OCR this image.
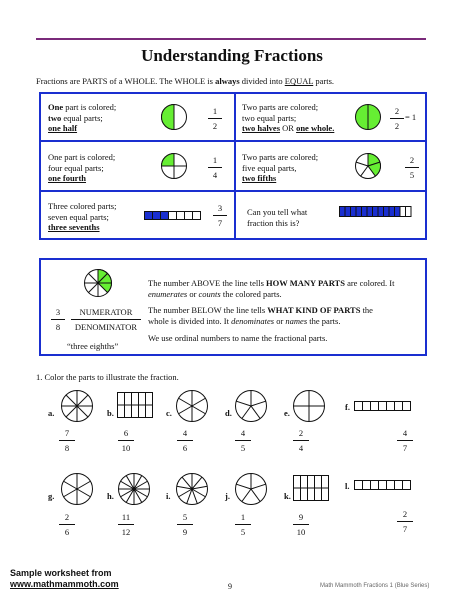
Understanding Fractions
Fractions are PARTS of a WHOLE. The WHOLE is always divided into EQUAL parts.
One part is colored;
two equal parts;
one half
1
2
Two parts are colored;
two equal parts;
two halves OR one whole.
2
2
= 1
One part is colored;
four equal parts;
one fourth
1
4
Two parts are colored;
five equal parts,
two fifths
2
5
Three colored parts;
seven equal parts;
three sevenths
3
7
Can you tell what
fraction this is?
3
8
NUMERATOR
DENOMINATOR
“three eighths”
The number ABOVE the line tells HOW MANY PARTS are colored. It
enumerates or counts the colored parts.
The number BELOW the line tells WHAT KIND OF PARTS the
whole is divided into. It denominates or names the parts.
We use ordinal numbers to name the fractional parts.
1. Color the parts to illustrate the fraction.
a.
7
8
b.
6
10
c.
4
6
d.
4
5
e.
2
4
f.
4
7
g.
2
6
h.
11
12
i.
5
9
j.
1
5
k.
9
10
l.
2
7
Sample worksheet from
www.mathmammoth.com	9	Math Mammoth Fractions 1 (Blue Series)
